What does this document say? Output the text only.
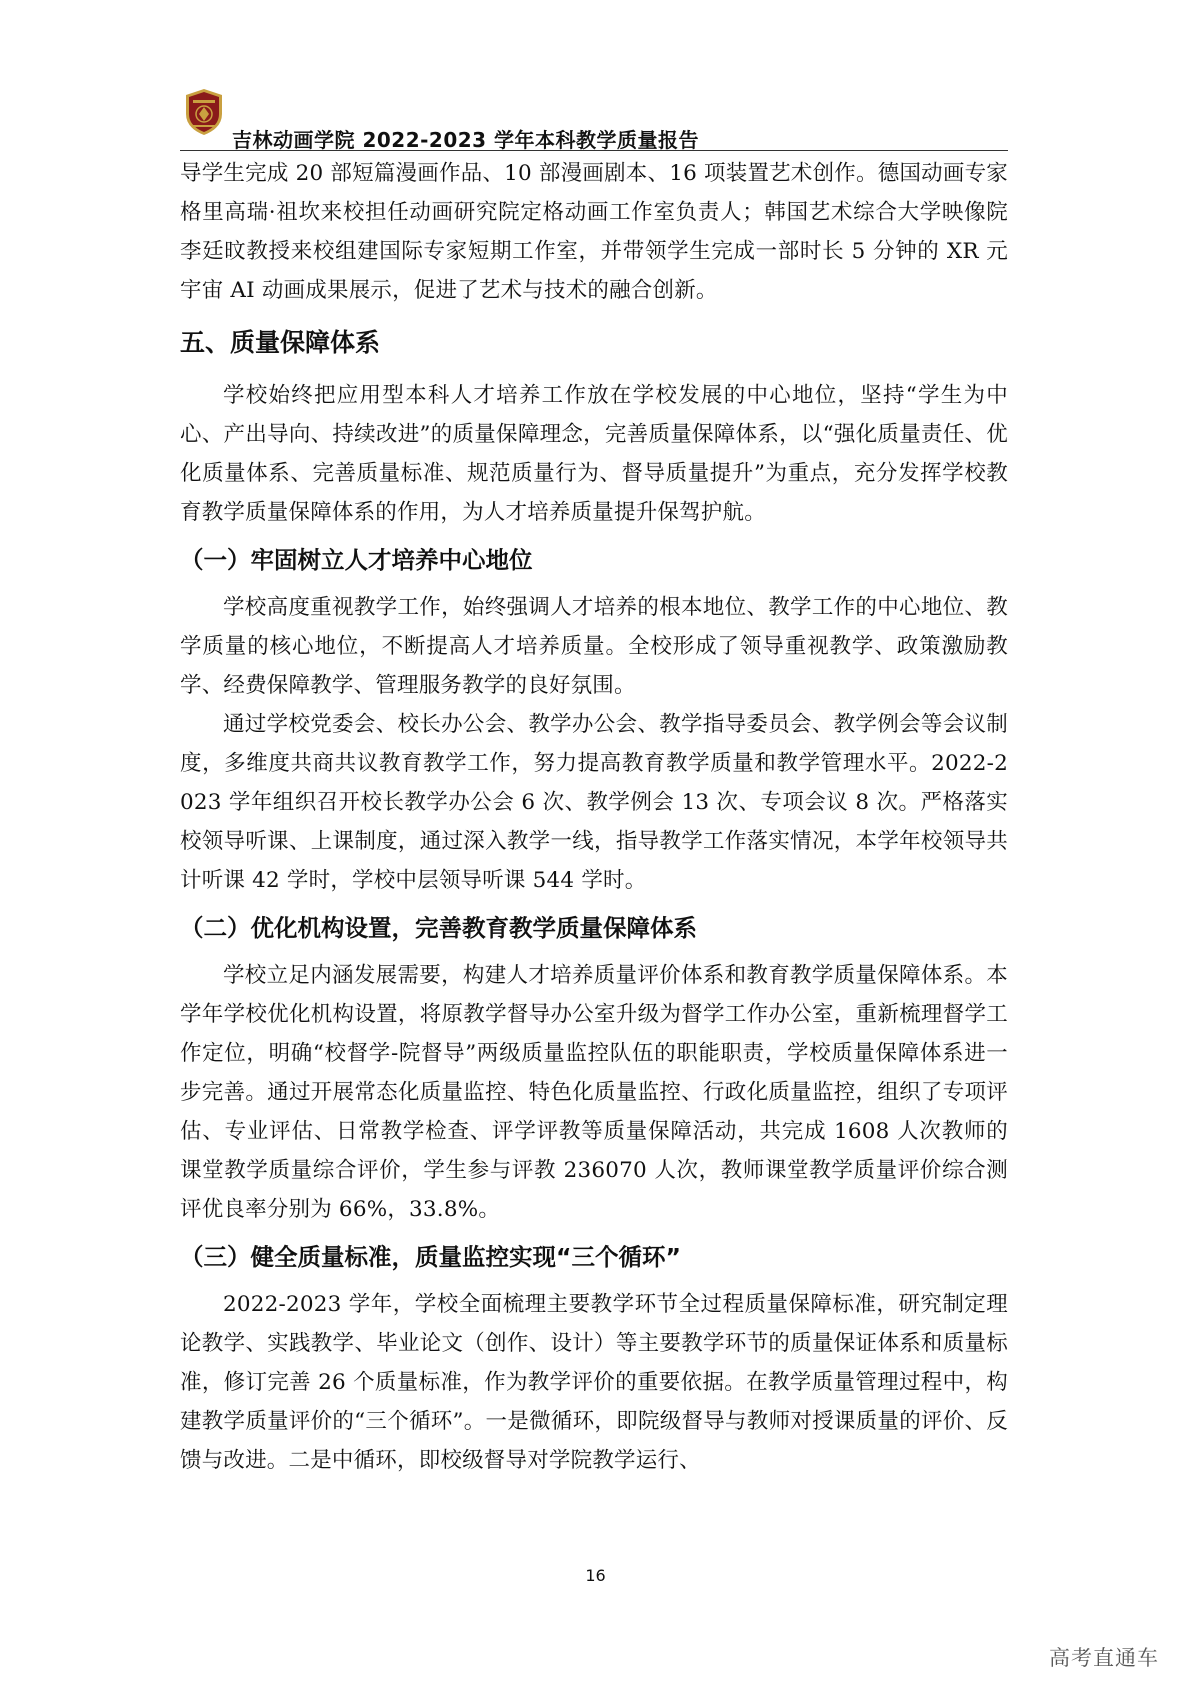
吉林动画学院 2022-2023 学年本科教学质量报告

导学生完成 20 部短篇漫画作品、10 部漫画剧本、16 项装置艺术创作。德国动画专家格里高瑞·祖坎来校担任动画研究院定格动画工作室负责人；韩国艺术综合大学映像院李廷旼教授来校组建国际专家短期工作室，并带领学生完成一部时长 5 分钟的 XR 元宇宙 AI 动画成果展示，促进了艺术与技术的融合创新。

五、质量保障体系

学校始终把应用型本科人才培养工作放在学校发展的中心地位，坚持“学生为中心、产出导向、持续改进”的质量保障理念，完善质量保障体系，以“强化质量责任、优化质量体系、完善质量标准、规范质量行为、督导质量提升”为重点，充分发挥学校教育教学质量保障体系的作用，为人才培养质量提升保驾护航。

（一）牢固树立人才培养中心地位

学校高度重视教学工作，始终强调人才培养的根本地位、教学工作的中心地位、教学质量的核心地位，不断提高人才培养质量。全校形成了领导重视教学、政策激励教学、经费保障教学、管理服务教学的良好氛围。

通过学校党委会、校长办公会、教学办公会、教学指导委员会、教学例会等会议制度，多维度共商共议教育教学工作，努力提高教育教学质量和教学管理水平。2022-2023 学年组织召开校长教学办公会 6 次、教学例会 13 次、专项会议 8 次。严格落实校领导听课、上课制度，通过深入教学一线，指导教学工作落实情况，本学年校领导共计听课 42 学时，学校中层领导听课 544 学时。

（二）优化机构设置，完善教育教学质量保障体系

学校立足内涵发展需要，构建人才培养质量评价体系和教育教学质量保障体系。本学年学校优化机构设置，将原教学督导办公室升级为督学工作办公室，重新梳理督学工作定位，明确“校督学-院督导”两级质量监控队伍的职能职责，学校质量保障体系进一步完善。通过开展常态化质量监控、特色化质量监控、行政化质量监控，组织了专项评估、专业评估、日常教学检查、评学评教等质量保障活动，共完成 1608 人次教师的课堂教学质量综合评价，学生参与评教 236070 人次，教师课堂教学质量评价综合测评优良率分别为 66%，33.8%。

（三）健全质量标准，质量监控实现“三个循环”

2022-2023 学年，学校全面梳理主要教学环节全过程质量保障标准，研究制定理论教学、实践教学、毕业论文（创作、设计）等主要教学环节的质量保证体系和质量标准，修订完善 26 个质量标准，作为教学评价的重要依据。在教学质量管理过程中，构建教学质量评价的“三个循环”。一是微循环，即院级督导与教师对授课质量的评价、反馈与改进。二是中循环，即校级督导对学院教学运行、

16
高考直通车
